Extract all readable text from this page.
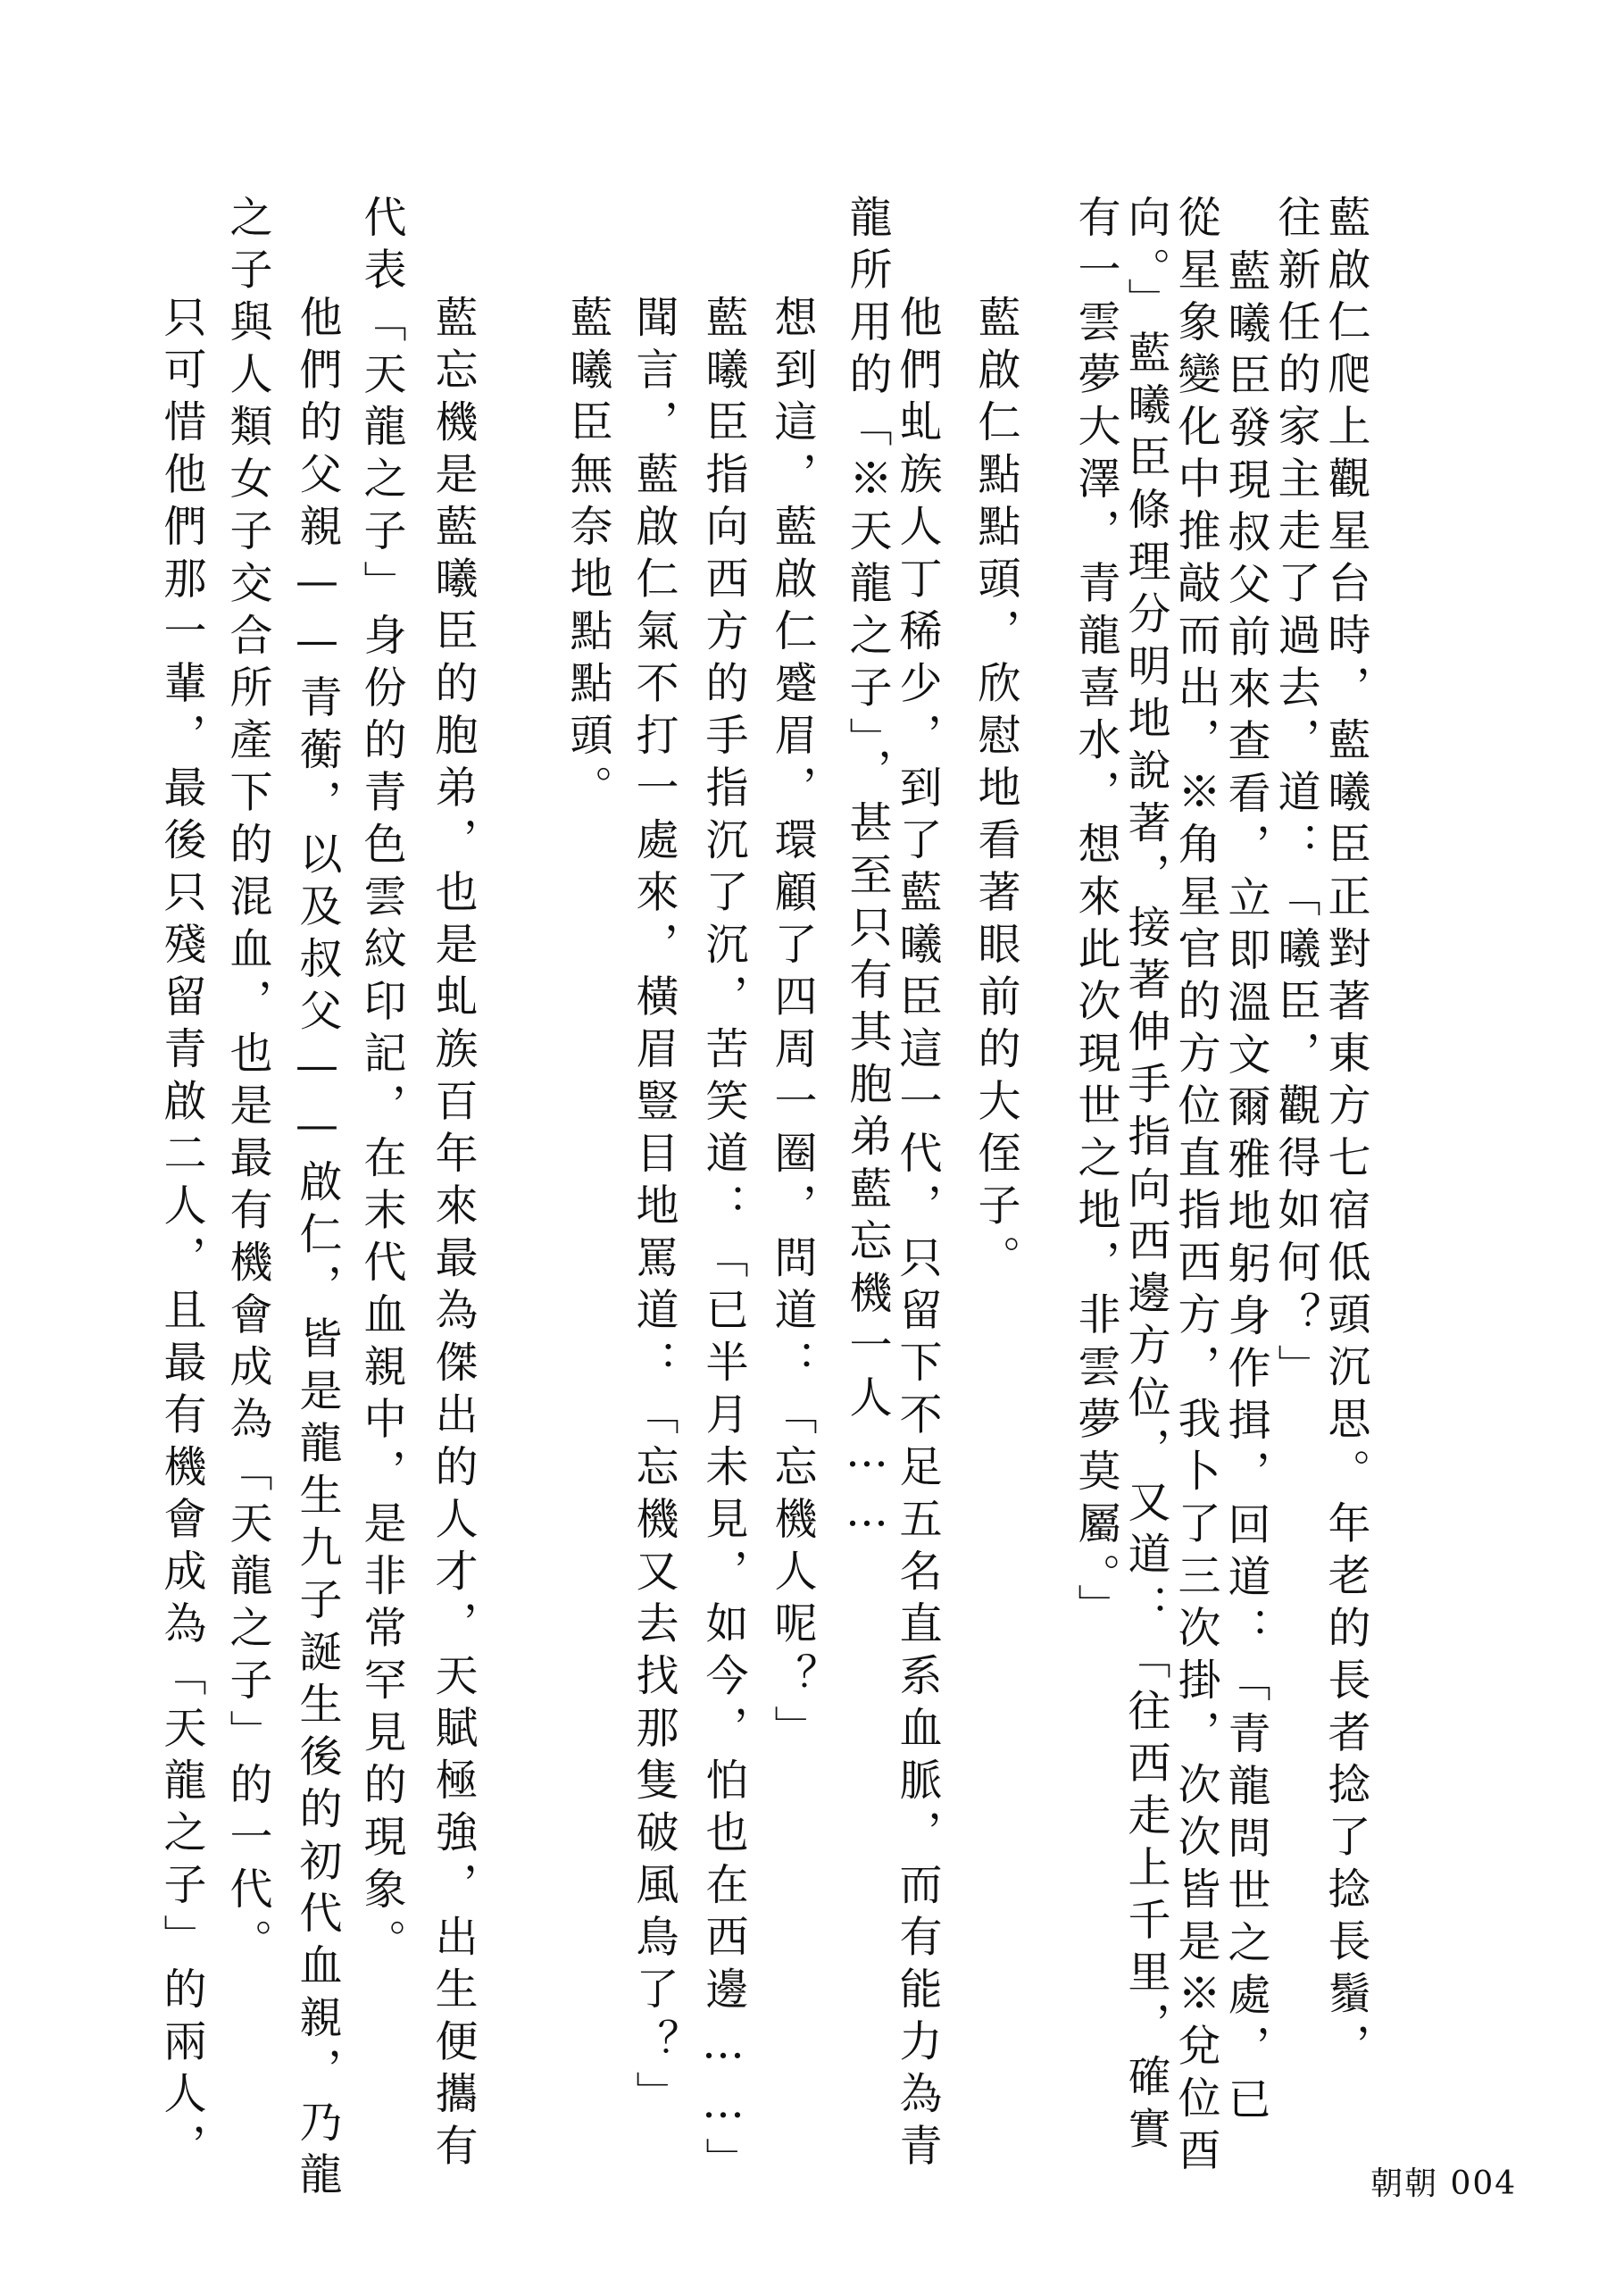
藍啟仁爬上觀星台時，藍曦臣正對著東方七宿低頭沉思。年老的長者捻了捻長鬚，

往新任的家主走了過去，道：「曦臣，觀得如何？」

藍曦臣發現叔父前來查看，立即溫文爾雅地躬身作揖，回道：「青龍問世之處，已

從星象變化中推敲而出，※角星官的方位直指西方，我卜了三次掛，次次皆是※兌位酉

向。」藍曦臣條理分明地說著，接著伸手指向西邊方位，又道：「往西走上千里，確實

有一雲夢大澤，青龍喜水，想來此次現世之地，非雲夢莫屬。」

藍啟仁點點頭，欣慰地看著眼前的大侄子。

他們虬族人丁稀少，到了藍曦臣這一代，只留下不足五名直系血脈，而有能力為青

龍所用的「※天龍之子」，甚至只有其胞弟藍忘機一人……

想到這，藍啟仁蹙眉，環顧了四周一圈，問道：「忘機人呢？」

藍曦臣指向西方的手指沉了沉，苦笑道：「已半月未見，如今，怕也在西邊……」

聞言，藍啟仁氣不打一處來，橫眉豎目地罵道：「忘機又去找那隻破風鳥了？」

藍曦臣無奈地點點頭。

藍忘機是藍曦臣的胞弟，也是虬族百年來最為傑出的人才，天賦極強，出生便攜有

代表「天龍之子」身份的青色雲紋印記，在末代血親中，是非常罕見的現象。

他們的父親——青蘅，以及叔父——啟仁，皆是龍生九子誕生後的初代血親，乃龍

之子與人類女子交合所產下的混血，也是最有機會成為「天龍之子」的一代。

只可惜他們那一輩，最後只殘留青啟二人，且最有機會成為「天龍之子」的兩人，

朝朝 004
